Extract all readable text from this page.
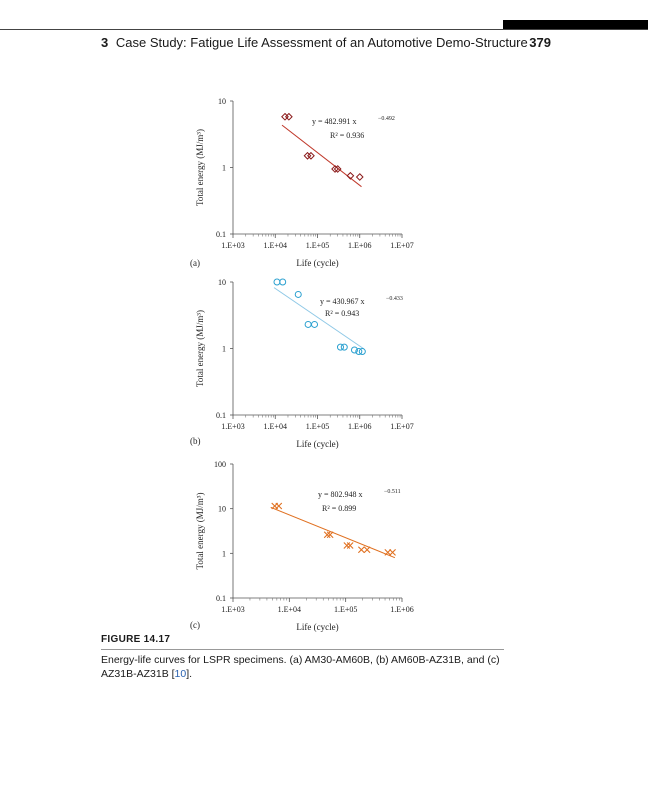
3 Case Study: Fatigue Life Assessment of an Automotive Demo-Structure 379
0.1
1
10
1.E+03 1.E+04 1.E+05 1.E+06 1.E+07
Life (cycle)
Total energy (MJ/m³)
(a)
y = 482.991 x	−0.492
R² = 0.936
0.1
1
10
1.E+03 1.E+04 1.E+05 1.E+06 1.E+07
Life (cycle)
Total energy (MJ/m³)
(b)
y = 430.967 x	−0.433
R² = 0.943
0.1
1
10
100
1.E+03	1.E+04	1.E+05	1.E+06
Life (cycle)
Total energy (MJ/m³)
(c)
y = 802.948 x	−0.511
R² = 0.899
FIGURE 14.17
Energy-life curves for LSPR specimens. (a) AM30-AM60B, (b) AM60B-AZ31B, and (c) AZ31B-AZ31B [10].
